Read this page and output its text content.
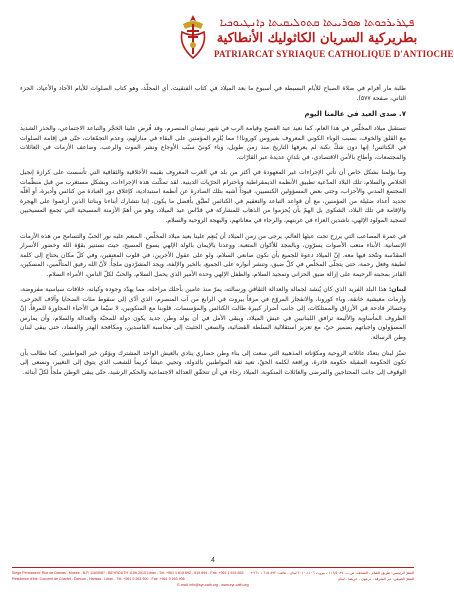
ܦܛܪܝܪܟܘܬܐ ܣܘܪܝܝܬܐ ܩܬܘܠܝܩܝܬܐ ܕܐܢܛܝܘܟܝܐ
بطريركية السريان الكاثوليك الأنطاكية
PATRIARCAT SYRIAQUE CATHOLIQUE D'ANTIOCHE

طلبة مار أفرام في صلاة الصباح للأيام البسيطة في أسبوع ما بعد الميلاد في كتاب الفنقيث، أي المجلّد، وهو كتاب الصلوات للأيام الآحاد والأعياد، الجزء الثاني، صفحة ٥٧٧).

٧. صدى العيد في عالمنا اليوم

تستقبل ميلاد المخلّص في هذا العام، كما نعيد عيد الفصح وقيامة الرب في شهر نيسان المنصرم، وقد فُرض علينا الحَجْر والتباعد الاجتماعي، والحذر الشديد مع القلق والخوف، بسبب الوباء الكوني المعروف بفيروس كورونا!! مما يُلزِم المؤمنين على البقاء في منازلهم، وعدم التجمّعات، حتّى في إقامة الصلوات في الكنائس! إنها دون شكّ نكبة لم يعرفها التاريخ منذ زمن طويل، وباء كونيّ سبّب الأوجاع ونشر الموت والرعب، وضاعف الأزمات في العائلات والمجتمعات، وأطاح بالأمن الاقتصادي، في بلدانٍ عديدة عبر القارّات.

وما يؤلمنا بشكل خاص أن تأتي الإجراءات غير المعهودة في أكثر من بلد في الغرب المعروف بقيمه الأخلاقية والثقافية التي تأسست على كرازة إنجيل الخلاص والسلام، تلك البلاد المدّعية تطبيق الأنظمة الديمقراطية وباحترام الحرّيات الدينية. لقد تمكّنت هذه الإجراءات، وبشكل مستغرب من قبل منظّمات المجتمع المدني والأحزاب، وحتى بعض المسؤولين الكنسيين، قيوداً أشبه بتلك الصادرة عن أنظمة استبدادية، كإغلاق دور العبادة من كنائس وأديرة، أو أقلّه تحديد أعداد ضئيلة من المؤمنين، مع أن قواعد التباعد والتعقيم في الكنائس تُطبَّق بأفضل ما يكون. إننا نتشارك أبناءنا وبناتنا الذين أرغموا على الهجرة والإقامة في تلك البلاد، الشكوى بل الهمّ بأن يُحرَموا من الذهاب للمشاركة في قدّاس عيد الميلاد، وهو من أهمّ الأزمنة المسيحية التي تجمع المسيحيين لتمجيد المولود الإلهي، ناشدين العزاء في غربتهم، والرجاء في معاناتهم، والبهجة الروحية والسلام.

في غمرة المصاعب التي يرزح تحت عبئها العالم، يرجى من زمن الميلاد أن يُنعِم علينا بعيد ميلاد المخلّص. المنعم عليه نور الحبّ والتسامح من هذه الأزمات الإنسانية. الأبناء متعب الأصوات يسرّون، وبالمجد للأكوان المتعبة. ووعدنا بالإيمان بالولد الإلهي يسوع المسيح، حيث نستنير بقوّة الله وحضور الأسرار المقدّسة ونتّحد فيها معه. إنّ الميلاد دعوة للجميع بأن نكون صانعي السلام، ولو على عقول الأخرين، في قلوب المعنفين، وفي كلّ مكان يحتاج إلى كلمة لطيفة وفعل رحمة، حتى يتجلّى المخلّص في كلّ ضيق، وتنشر أنواره على الجميع، بالخير والإلفة، ويجد المشرَّدون ملجأً. لأنّ الله رفيق المتألّمين، المسكين، القادر بمحبته الرحيمة على إزالة ضيق الحزانى وتمجيد السلام، والطفل الإلهي وحده الأمير الذي يحمل السلام، والحبّ لكلّ الناس، الأمراء السلام.

لبنان: هذا البلد الفريد الذي كان يُنشد لجماله والعدالة الثقافي ورسالته، يمرّ منذ عامين بأحلك مراحله، مما يهدّد وجوده وكيانه، خلافات سياسية مفروضة، وأزمات معيشية خانقة، وباء كورونا، والانفجار المروّع في مرفأ بيروت في الرابع من آب المنصرم، الذي أدّى إلى سقوط مئات الضحايا وآلاف الجرحى، وخسائر فادحة في الأرزاق والممتلكات، إلى جانب أضرار كبيرة طالت الكنائس والمؤسسات. قلوبنا مع المنكوبين، لا سيّما في الأحياء المجاورة للمرفأ. إنّ الظروف المأساوية والأليمة ترافق اللبنانيين في عيش الميلاد، ويبقى الأمل في أن يولد وطن جديد يكون دولة للمحبّة والعدالة والسلام، وأن يمارس المسؤولون واجباتهم بضمير حيّ، مع تعزيز استقلالية السلطة القضائية، والسعي الحثيث إلى محاسبة الفاسدين، ومكافحة الهدر والفساد، حتى يبقى لبنان وطن الرسالة.

تميّز لبنان بتعدّد عائلاته الروحية ومكوّناته المذهبية التي سعت إلى بناء وطن حضاري ينادي بالعيش الواحد المشترك ويؤمّن خير المواطنين. كما نطالب بأن تكون الحكومة المقبلة حكومة قادرة، ورافعة لكلمة الحقّ، تعيد ثقة المواطنين بالدولة، وتحيي عيشاً كريماً للشعب الذي يتوق إلى التغيير، وتسعى إلى الوقوف إلى جانب المحتاجين والمرضى والعائلات المنكوبة. الميلاد رجاء في أن تتحقّق العدالة الاجتماعية والحكم الرشيد، حتّى يبقى الوطن ملجأً لكلّ أبنائه.

4
Siège Permanent: Rue de Damas - Musée - B.P. 116/5087 - BEYROUTH 1106-2010 Liban - Tél: +961 1 615 892 - 615 894 - Fax: +961 1 615 893 المقرّ الرئيسي: طريق الشام - المتحف، ص.ب. ١١٦/٥٠٨٧ - بيروت ١١٠٦-٢٠١٠ لبنان - هاتف: ٨٩٢ ٦١٥ ١ ٩٦١+
Résidence d'été: Couvent de Charfet - Daroun - Harissa - Liban - Tél: +961 9 263 900 - Fax: +961 9 263 906	المقرّ الصيفي: دير الشرفة - درعون - حريصا - لبنان
E-mail: info@syr-cath.org - www.syr-cath.org
